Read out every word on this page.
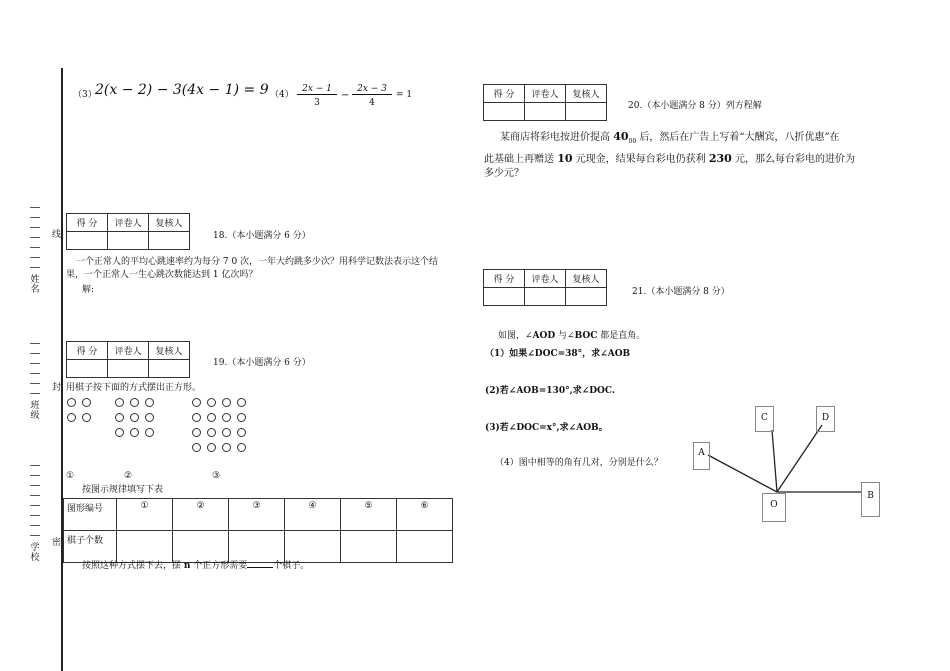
姓名
班级
学校
线
封
密
（3）
2(x − 2) − 3(4x − 1) = 9 （4）
2x − 1
3
−
2x − 3
4
= 1
得 分	评卷人	复核人

18.（本小题满分 6 分）
一个正常人的平均心跳速率约为每分 7 0 次，一年大约跳多少次？用科学记数法表示这个结
果，一个正常人一生心跳次数能达到 1 亿次吗？
解:
得 分	评卷人	复核人

19.（本小题满分 6 分）
用棋子按下面的方式摆出正方形。
①	②	③
按图示规律填写下表
图形编号	①	②	③	④	⑤	⑥
棋子个数						
按照这种方式摆下去，摆 n 个正方形需要	个棋子。
得 分	评卷人	复核人

20.（本小题满分 8 分）列方程解
某商店将彩电按进价提高 $40_{00}$ 后，然后在广告上写着“大酬宾，八折优惠”在
此基础上再赠送 10 元现金，结果每台彩电仍获利 230 元，那么每台彩电的进价为
多少元？
得 分	评卷人	复核人

21.（本小题满分 8 分）
如图，∠AOD 与∠BOC 都是直角。
（1）如果∠DOC=38°，求∠AOB
(2)若∠AOB=130°,求∠DOC.
(3)若∠DOC=x°,求∠AOB。
（4）图中相等的角有几对，分别是什么？
A
B
C	D
O
